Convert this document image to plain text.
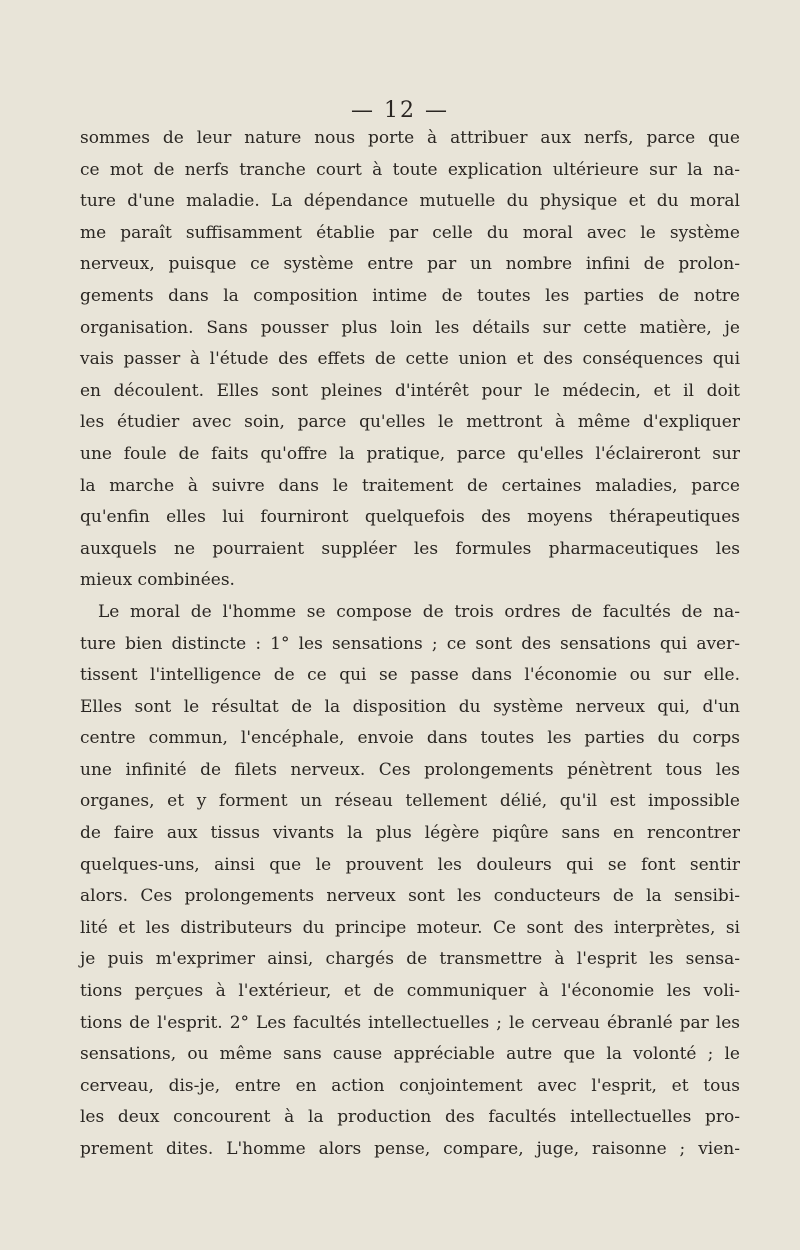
— 12 —
sommes de leur nature nous porte à attribuer aux nerfs, parce que
ce mot de nerfs tranche court à toute explication ultérieure sur la na-
ture d'une maladie. La dépendance mutuelle du physique et du moral
me paraît suffisamment établie par celle du moral avec le système
nerveux, puisque ce système entre par un nombre infini de prolon-
gements dans la composition intime de toutes les parties de notre
organisation. Sans pousser plus loin les détails sur cette matière, je
vais passer à l'étude des effets de cette union et des conséquences qui
en découlent. Elles sont pleines d'intérêt pour le médecin, et il doit
les étudier avec soin, parce qu'elles le mettront à même d'expliquer
une foule de faits qu'offre la pratique, parce qu'elles l'éclaireront sur
la marche à suivre dans le traitement de certaines maladies, parce
qu'enfin elles lui fourniront quelquefois des moyens thérapeutiques
auxquels ne pourraient suppléer les formules pharmaceutiques les
mieux combinées.
Le moral de l'homme se compose de trois ordres de facultés de na-
ture bien distincte : 1° les sensations ; ce sont des sensations qui aver-
tissent l'intelligence de ce qui se passe dans l'économie ou sur elle.
Elles sont le résultat de la disposition du système nerveux qui, d'un
centre commun, l'encéphale, envoie dans toutes les parties du corps
une infinité de filets nerveux. Ces prolongements pénètrent tous les
organes, et y forment un réseau tellement délié, qu'il est impossible
de faire aux tissus vivants la plus légère piqûre sans en rencontrer
quelques-uns, ainsi que le prouvent les douleurs qui se font sentir
alors. Ces prolongements nerveux sont les conducteurs de la sensibi-
lité et les distributeurs du principe moteur. Ce sont des interprètes, si
je puis m'exprimer ainsi, chargés de transmettre à l'esprit les sensa-
tions perçues à l'extérieur, et de communiquer à l'économie les voli-
tions de l'esprit. 2° Les facultés intellectuelles ; le cerveau ébranlé par les
sensations, ou même sans cause appréciable autre que la volonté ; le
cerveau, dis-je, entre en action conjointement avec l'esprit, et tous
les deux concourent à la production des facultés intellectuelles pro-
prement dites. L'homme alors pense, compare, juge, raisonne ; vien-
